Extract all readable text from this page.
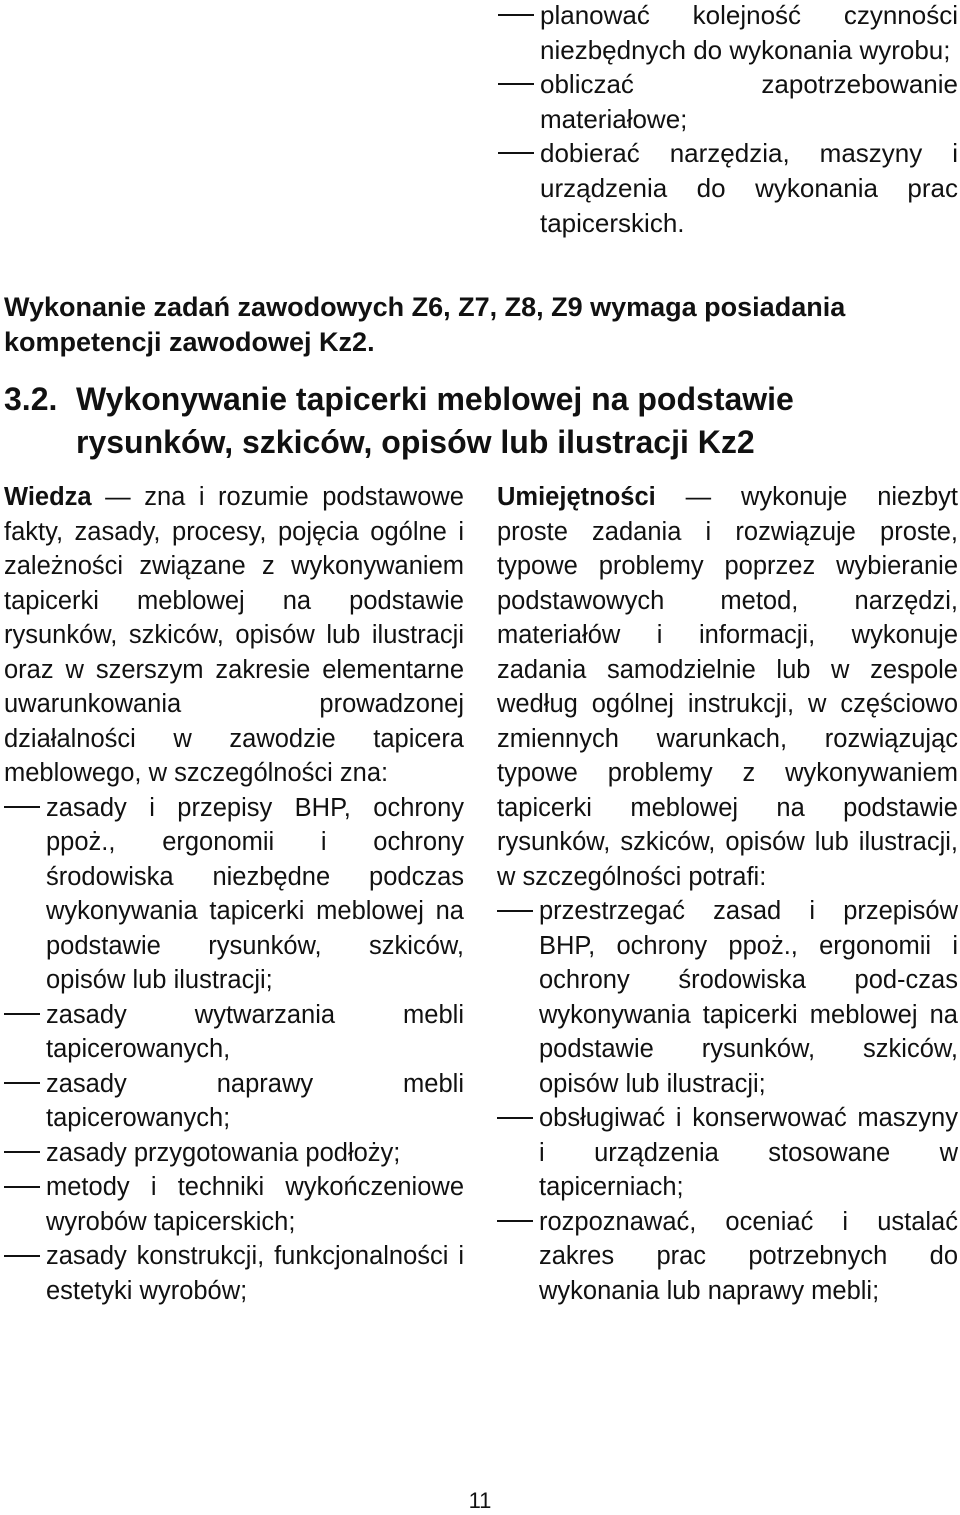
planować kolejność czynności niezbędnych do wykonania wyrobu;
obliczać zapotrzebowanie materiałowe;
dobierać narzędzia, maszyny i urządzenia do wykonania prac tapicerskich.
Wykonanie zadań zawodowych Z6, Z7, Z8, Z9 wymaga posiadania kompetencji zawodowej Kz2.
3.2. Wykonywanie tapicerki meblowej na podstawie
rysunków, szkiców, opisów lub ilustracji Kz2

Wiedza — zna i rozumie podstawowe fakty, zasady, procesy, pojęcia ogólne i zależności związane z wykonywaniem tapicerki meblowej na podstawie rysunków, szkiców, opisów lub ilustracji oraz w szerszym zakresie elementarne uwarunkowania prowadzonej działalności w zawodzie tapicera meblowego, w szczególności zna:

zasady i przepisy BHP, ochrony ppoż., ergonomii i ochrony środowiska niezbędne podczas wykonywania tapicerki meblowej na podstawie rysunków, szkiców, opisów lub ilustracji;
zasady wytwarzania mebli tapicerowanych,
zasady naprawy mebli tapicerowanych;
zasady przygotowania podłoży;
metody i techniki wykończeniowe wyrobów tapicerskich;
zasady konstrukcji, funkcjonalności i estetyki wyrobów;

Umiejętności — wykonuje niezbyt proste zadania i rozwiązuje proste, typowe problemy poprzez wybieranie podstawowych metod, narzędzi, materiałów i informacji, wykonuje zadania samodzielnie lub w zespole według ogólnej instrukcji, w częściowo zmiennych warunkach, rozwiązując typowe problemy z wykonywaniem tapicerki meblowej na podstawie rysunków, szkiców, opisów lub ilustracji, w szczególności potrafi:

przestrzegać zasad i przepisów BHP, ochrony ppoż., ergonomii i ochrony środowiska pod-czas wykonywania tapicerki meblowej na podstawie rysunków, szkiców, opisów lub ilustracji;
obsługiwać i konserwować maszyny i urządzenia stosowane w tapicerniach;
rozpoznawać, oceniać i ustalać zakres prac potrzebnych do wykonania lub naprawy mebli;
11
